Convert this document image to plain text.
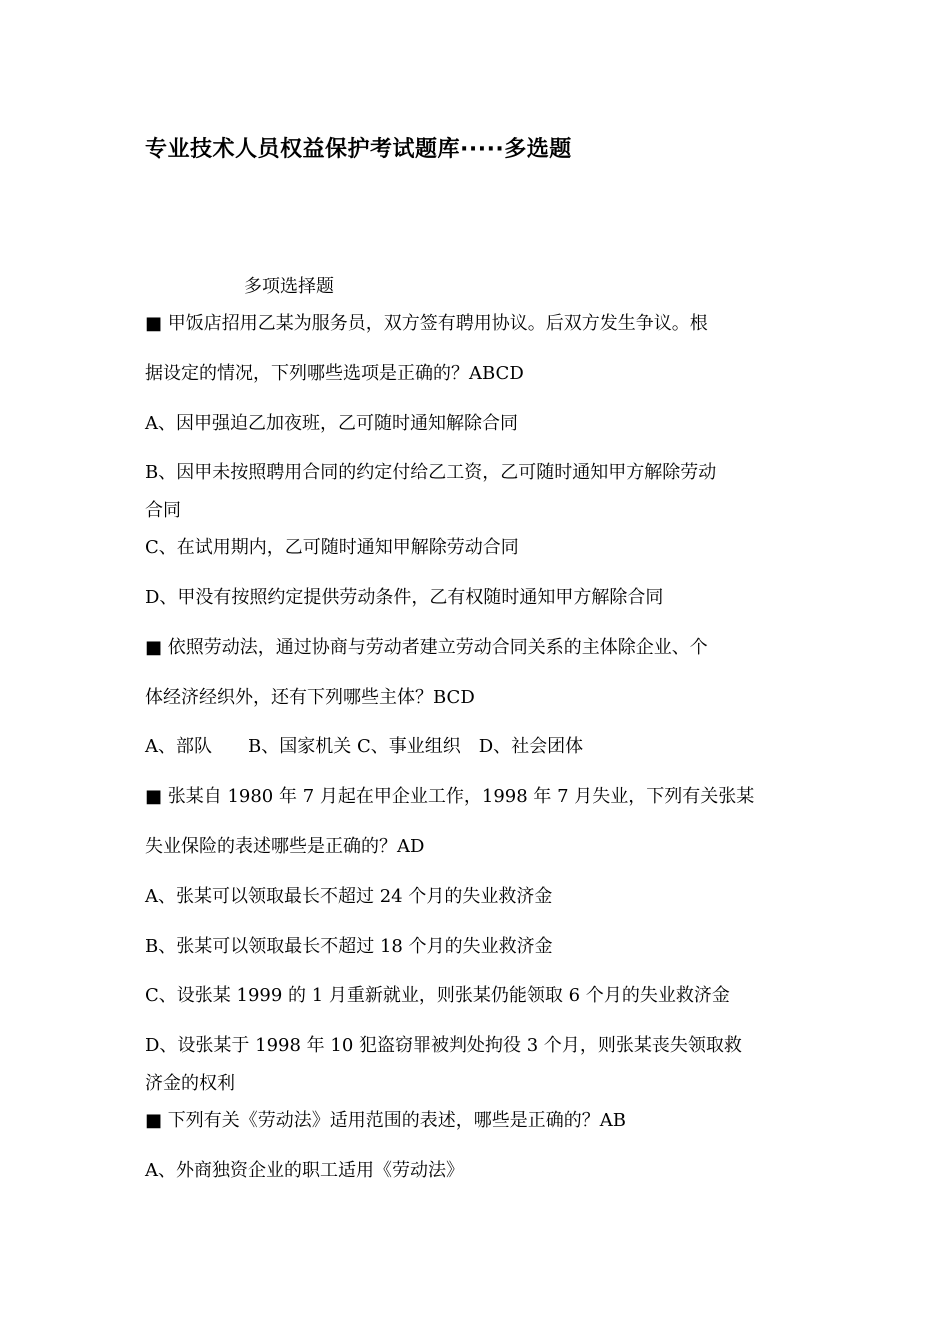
专业技术人员权益保护考试题库·····多选题
多项选择题
■ 甲饭店招用乙某为服务员，双方签有聘用协议。后双方发生争议。根
据设定的情况，下列哪些选项是正确的？ABCD
A、因甲强迫乙加夜班，乙可随时通知解除合同
B、因甲未按照聘用合同的约定付给乙工资，乙可随时通知甲方解除劳动
合同
C、在试用期内，乙可随时通知甲解除劳动合同
D、甲没有按照约定提供劳动条件，乙有权随时通知甲方解除合同
■ 依照劳动法，通过协商与劳动者建立劳动合同关系的主体除企业、个
体经济经织外，还有下列哪些主体？BCD
A、部队　　B、国家机关 C、事业组织　D、社会团体
■ 张某自 1980 年 7 月起在甲企业工作，1998 年 7 月失业，下列有关张某
失业保险的表述哪些是正确的？AD
A、张某可以领取最长不超过 24 个月的失业救济金
B、张某可以领取最长不超过 18 个月的失业救济金
C、设张某 1999 的 1 月重新就业，则张某仍能领取 6 个月的失业救济金
D、设张某于 1998 年 10 犯盗窃罪被判处拘役 3 个月，则张某丧失领取救
济金的权利
■ 下列有关《劳动法》适用范围的表述，哪些是正确的？AB
A、外商独资企业的职工适用《劳动法》
